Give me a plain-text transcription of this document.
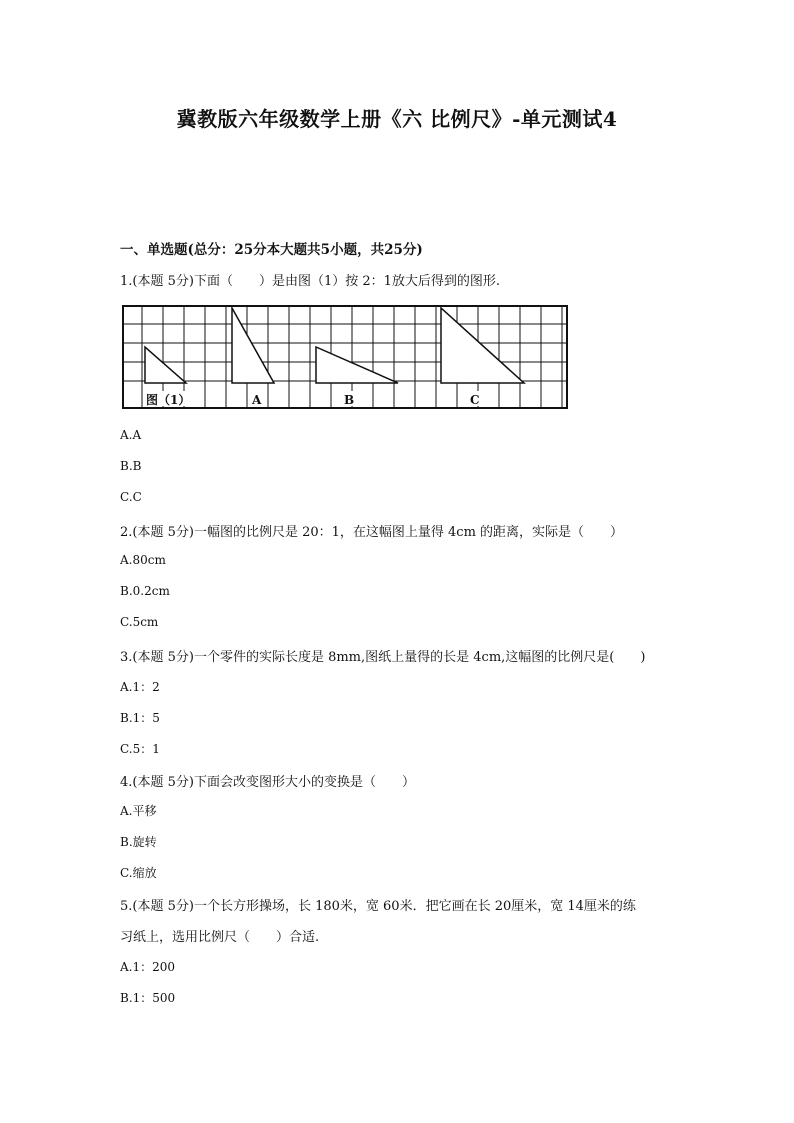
冀教版六年级数学上册《六 比例尺》-单元测试4
一、单选题(总分：25分本大题共5小题，共25分)
1.(本题 5分)下面（　　）是由图（1）按 2：1放大后得到的图形.
图（1）	A	B	C
A.A
B.B
C.C
2.(本题 5分)一幅图的比例尺是 20：1，在这幅图上量得 4cm 的距离，实际是（　　）
A.80cm
B.0.2cm
C.5cm
3.(本题 5分)一个零件的实际长度是 8mm,图纸上量得的长是 4cm,这幅图的比例尺是(　　)
A.1：2
B.1：5
C.5：1
4.(本题 5分)下面会改变图形大小的变换是（　　）
A.平移
B.旋转
C.缩放
5.(本题 5分)一个长方形操场，长 180米，宽 60米．把它画在长 20厘米，宽 14厘米的练
习纸上，选用比例尺（　　）合适.
A.1：200
B.1：500
